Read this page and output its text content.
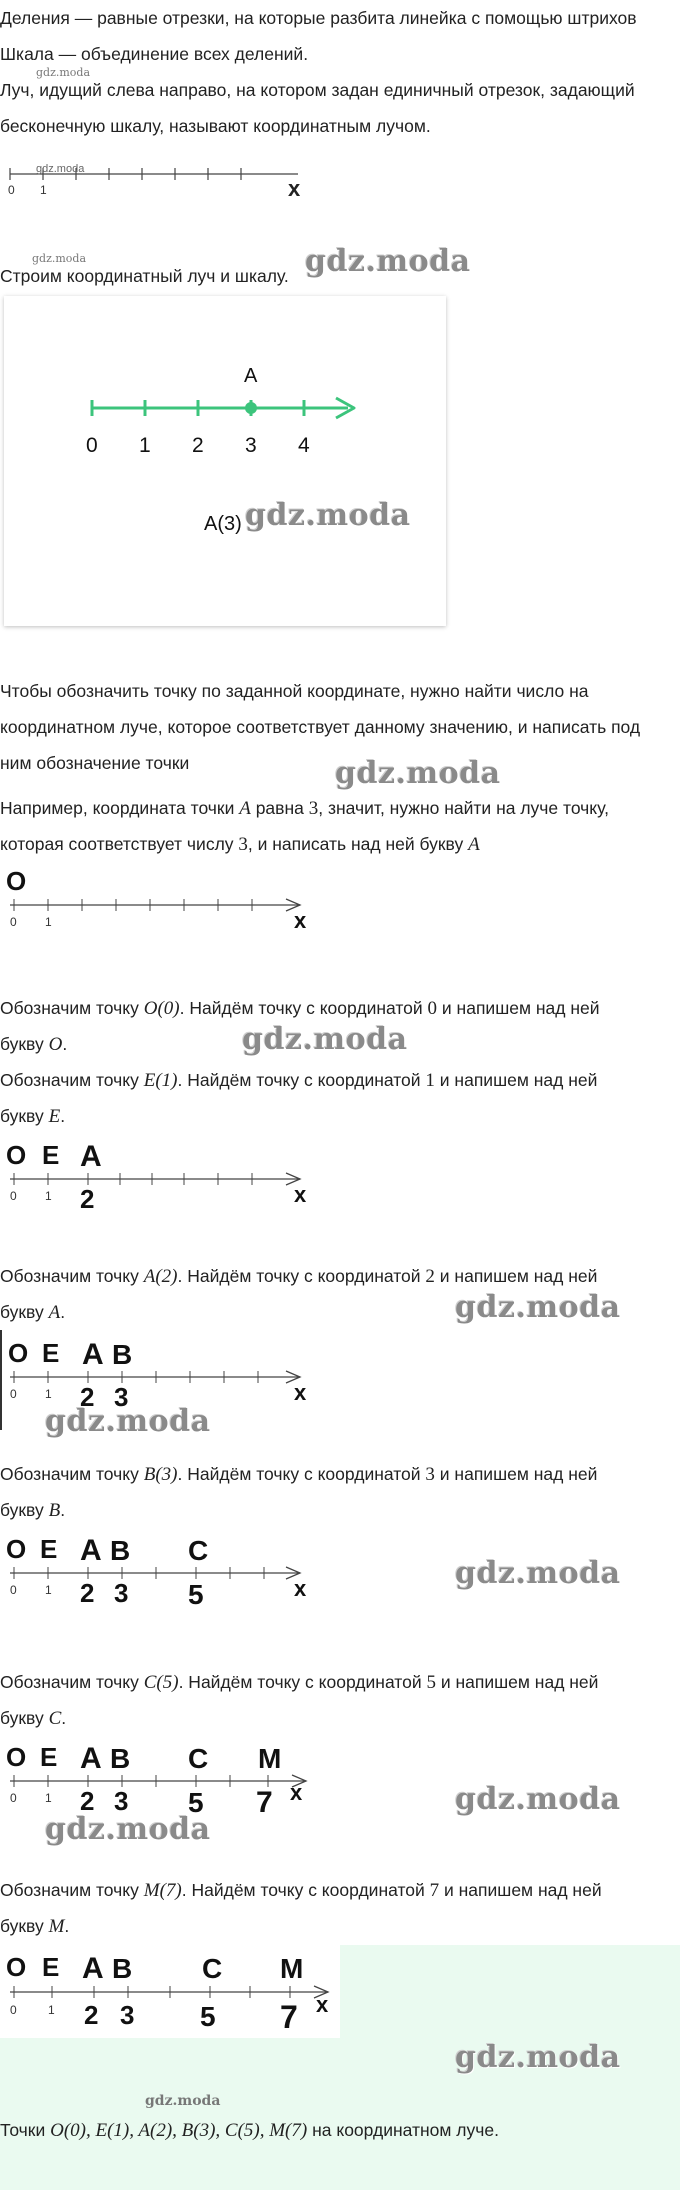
Деления — равные отрезки, на которые разбита линейка с помощью штрихов
Шкала — объединение всех делений.
gdz.moda
Луч, идущий слева направо, на котором задан единичный отрезок, задающий
бесконечную шкалу, называют координатным лучом.
0 1	x
gdz.moda
gdz.moda
Строим координатный луч и шкалу. gdz.moda
A
0 1 2 3 4
A(3) gdz.moda
Чтобы обозначить точку по заданной координате, нужно найти число на
координатном луче, которое соответствует данному значению, и написать под
ним обозначение точки	gdz.moda
Например, координата точки A равна 3, значит, нужно найти на луче точку,
которая соответствует числу 3, и написать над ней букву A
O
0 1	x
Обозначим точку O(0). Найдём точку с координатой 0 и напишем над ней
букву O.	gdz.moda
Обозначим точку E(1). Найдём точку с координатой 1 и напишем над ней
букву E.
O E A
0 1 2	x
Обозначим точку A(2). Найдём точку с координатой 2 и напишем над ней
букву A.	gdz.moda
O E A B
0 1 2 3	x
gdz.moda
Обозначим точку B(3). Найдём точку с координатой 3 и напишем над ней
букву B.
O E A B C
0 1 2 3 5	x	gdz.moda
Обозначим точку C(5). Найдём точку с координатой 5 и напишем над ней
букву C.
O E A B C M
0 1 2 3 5 7 x	gdz.moda
gdz.moda
Обозначим точку M(7). Найдём точку с координатой 7 и напишем над ней
букву M.
O E A B C M
0	1 2 3 5 7 x
gdz.moda
gdz.moda
Точки O(0), E(1), A(2), B(3), C(5), M(7) на координатном луче.
